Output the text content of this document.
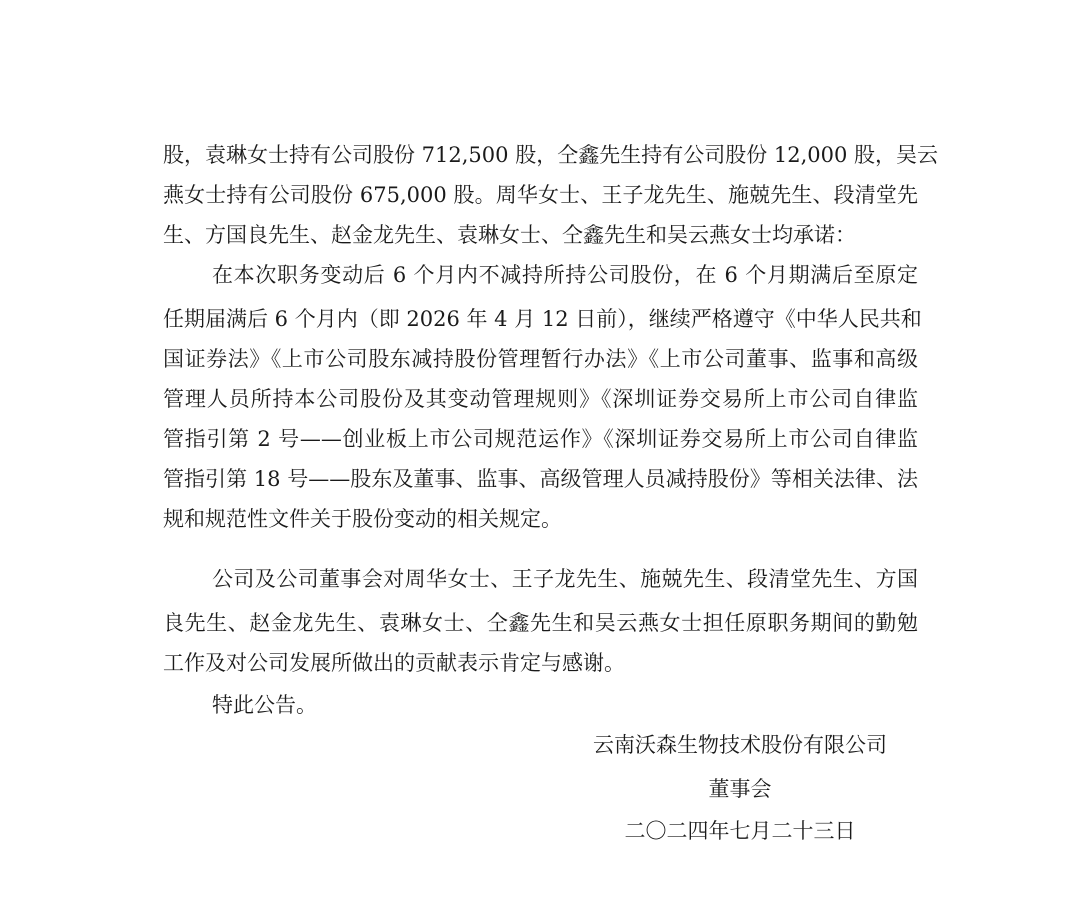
股，袁琳女士持有公司股份 712,500 股，仝鑫先生持有公司股份 12,000 股，吴云
燕女士持有公司股份 675,000 股。周华女士、王子龙先生、施兢先生、段清堂先
生、方国良先生、赵金龙先生、袁琳女士、仝鑫先生和吴云燕女士均承诺：
在本次职务变动后 6 个月内不减持所持公司股份，在 6 个月期满后至原定
任期届满后 6 个月内（即 2026 年 4 月 12 日前），继续严格遵守《中华人民共和
国证券法》《上市公司股东减持股份管理暂行办法》《上市公司董事、监事和高级
管理人员所持本公司股份及其变动管理规则》《深圳证券交易所上市公司自律监
管指引第 2 号——创业板上市公司规范运作》《深圳证券交易所上市公司自律监
管指引第 18 号——股东及董事、监事、高级管理人员减持股份》等相关法律、法
规和规范性文件关于股份变动的相关规定。
公司及公司董事会对周华女士、王子龙先生、施兢先生、段清堂先生、方国
良先生、赵金龙先生、袁琳女士、仝鑫先生和吴云燕女士担任原职务期间的勤勉
工作及对公司发展所做出的贡献表示肯定与感谢。
特此公告。
云南沃森生物技术股份有限公司
董事会
二〇二四年七月二十三日
